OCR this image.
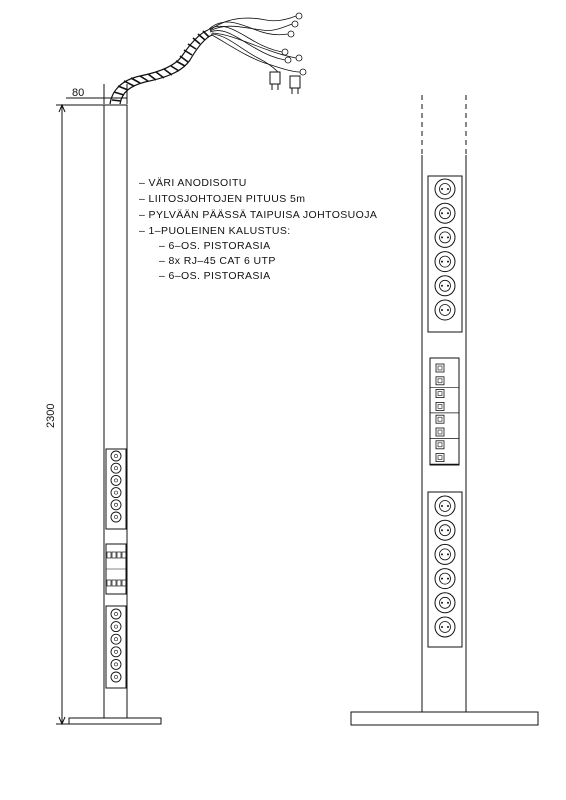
80
2300
– VÄRI ANODISOITU
– LIITOSJOHTOJEN PITUUS 5m
– PYLVÄÄN PÄÄSSÄ TAIPUISA JOHTOSUOJA
– 1–PUOLEINEN KALUSTUS:
– 6–OS. PISTORASIA
– 8x RJ–45 CAT 6 UTP
– 6–OS. PISTORASIA
